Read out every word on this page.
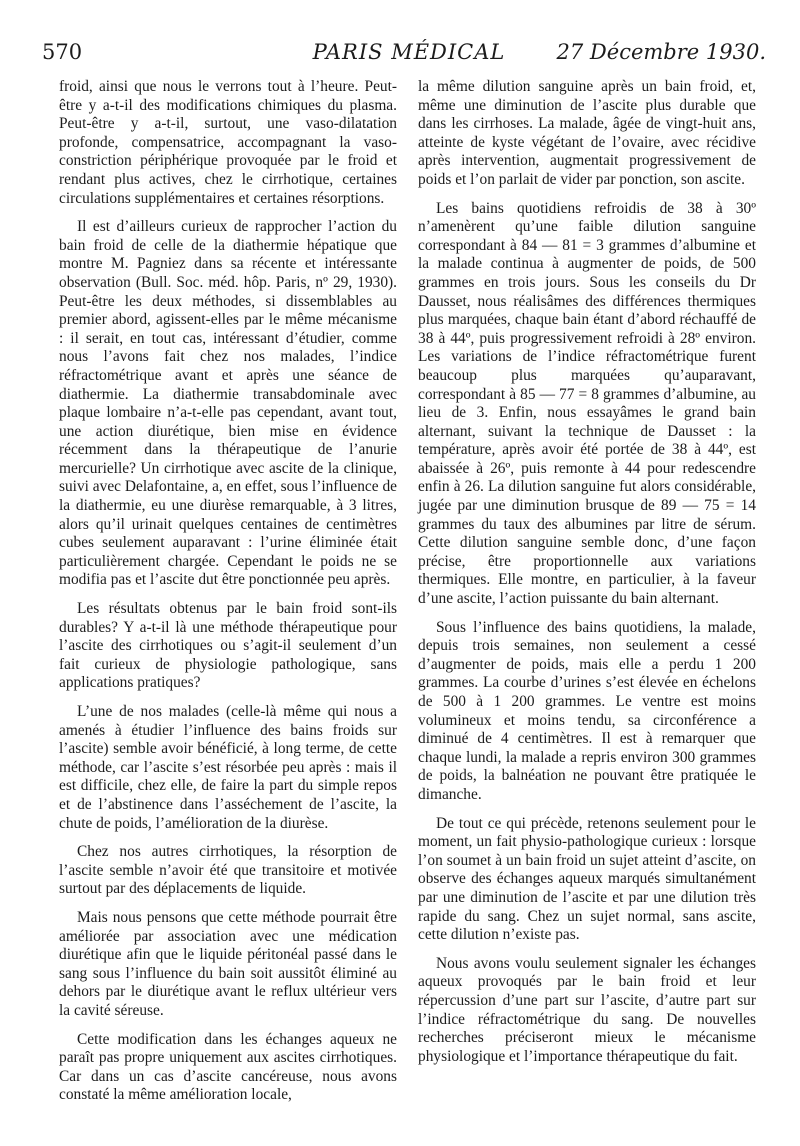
570	PARIS MÉDICAL	27 Décembre 1930.

froid, ainsi que nous le verrons tout à l’heure. Peut-être y a-t-il des modifications chimiques du plasma. Peut-être y a-t-il, surtout, une vaso-dilatation profonde, compensatrice, accompagnant la vaso-constriction périphérique provoquée par le froid et rendant plus actives, chez le cirrhotique, certaines circulations supplémentaires et certaines résorptions.

Il est d’ailleurs curieux de rapprocher l’action du bain froid de celle de la diathermie hépatique que montre M. Pagniez dans sa récente et intéressante observation (Bull. Soc. méd. hôp. Paris, nº 29, 1930). Peut-être les deux méthodes, si dissemblables au premier abord, agissent-elles par le même mécanisme : il serait, en tout cas, intéressant d’étudier, comme nous l’avons fait chez nos malades, l’indice réfractométrique avant et après une séance de diathermie. La diathermie transabdominale avec plaque lombaire n’a-t-elle pas cependant, avant tout, une action diurétique, bien mise en évidence récemment dans la thérapeutique de l’anurie mercurielle? Un cirrhotique avec ascite de la clinique, suivi avec Delafontaine, a, en effet, sous l’influence de la diathermie, eu une diurèse remarquable, à 3 litres, alors qu’il urinait quelques centaines de centimètres cubes seulement auparavant : l’urine éliminée était particulièrement chargée. Cependant le poids ne se modifia pas et l’ascite dut être ponctionnée peu après.

Les résultats obtenus par le bain froid sont-ils durables? Y a-t-il là une méthode thérapeutique pour l’ascite des cirrhotiques ou s’agit-il seulement d’un fait curieux de physiologie pathologique, sans applications pratiques?

L’une de nos malades (celle-là même qui nous a amenés à étudier l’influence des bains froids sur l’ascite) semble avoir bénéficié, à long terme, de cette méthode, car l’ascite s’est résorbée peu après : mais il est difficile, chez elle, de faire la part du simple repos et de l’abstinence dans l’asséchement de l’ascite, la chute de poids, l’amélioration de la diurèse.

Chez nos autres cirrhotiques, la résorption de l’ascite semble n’avoir été que transitoire et motivée surtout par des déplacements de liquide.

Mais nous pensons que cette méthode pourrait être améliorée par association avec une médication diurétique afin que le liquide péritonéal passé dans le sang sous l’influence du bain soit aussitôt éliminé au dehors par le diurétique avant le reflux ultérieur vers la cavité séreuse.

Cette modification dans les échanges aqueux ne paraît pas propre uniquement aux ascites cirrhotiques. Car dans un cas d’ascite cancéreuse, nous avons constaté la même amélioration locale,

la même dilution sanguine après un bain froid, et, même une diminution de l’ascite plus durable que dans les cirrhoses. La malade, âgée de vingt-huit ans, atteinte de kyste végétant de l’ovaire, avec récidive après intervention, augmentait progressivement de poids et l’on parlait de vider par ponction, son ascite.

Les bains quotidiens refroidis de 38 à 30º n’amenèrent qu’une faible dilution sanguine correspondant à 84 — 81 = 3 grammes d’albumine et la malade continua à augmenter de poids, de 500 grammes en trois jours. Sous les conseils du Dr Dausset, nous réalisâmes des différences thermiques plus marquées, chaque bain étant d’abord réchauffé de 38 à 44º, puis progressivement refroidi à 28º environ. Les variations de l’indice réfractométrique furent beaucoup plus marquées qu’auparavant, correspondant à 85 — 77 = 8 grammes d’albumine, au lieu de 3. Enfin, nous essayâmes le grand bain alternant, suivant la technique de Dausset : la température, après avoir été portée de 38 à 44º, est abaissée à 26º, puis remonte à 44 pour redescendre enfin à 26. La dilution sanguine fut alors considérable, jugée par une diminution brusque de 89 — 75 = 14 grammes du taux des albumines par litre de sérum. Cette dilution sanguine semble donc, d’une façon précise, être proportionnelle aux variations thermiques. Elle montre, en particulier, à la faveur d’une ascite, l’action puissante du bain alternant.

Sous l’influence des bains quotidiens, la malade, depuis trois semaines, non seulement a cessé d’augmenter de poids, mais elle a perdu 1 200 grammes. La courbe d’urines s’est élevée en échelons de 500 à 1 200 grammes. Le ventre est moins volumineux et moins tendu, sa circonférence a diminué de 4 centimètres. Il est à remarquer que chaque lundi, la malade a repris environ 300 grammes de poids, la balnéation ne pouvant être pratiquée le dimanche.

De tout ce qui précède, retenons seulement pour le moment, un fait physio-pathologique curieux : lorsque l’on soumet à un bain froid un sujet atteint d’ascite, on observe des échanges aqueux marqués simultanément par une diminution de l’ascite et par une dilution très rapide du sang. Chez un sujet normal, sans ascite, cette dilution n’existe pas.

Nous avons voulu seulement signaler les échanges aqueux provoqués par le bain froid et leur répercussion d’une part sur l’ascite, d’autre part sur l’indice réfractométrique du sang. De nouvelles recherches préciseront mieux le mécanisme physiologique et l’importance thérapeutique du fait.
